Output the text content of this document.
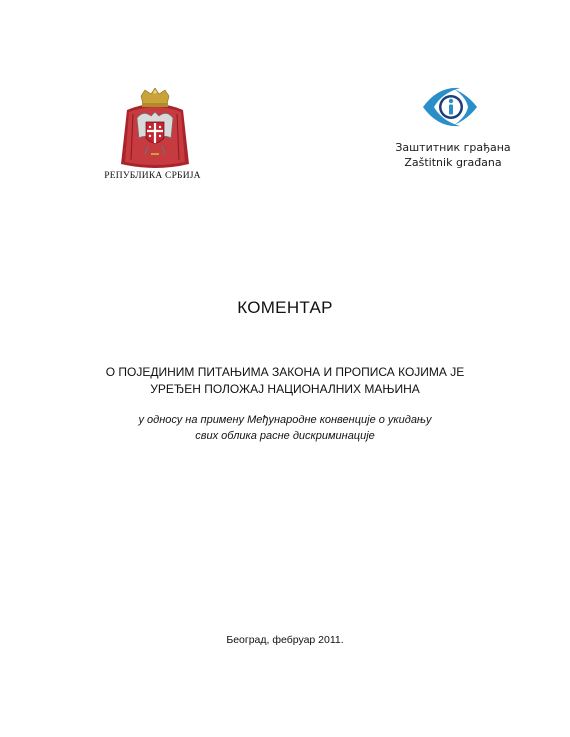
РЕПУБЛИКА СРБИЈА
Заштитник грађана
Zaštitnik građana
КОМЕНТАР
О ПОЈЕДИНИМ ПИТАЊИМА ЗАКОНА И ПРОПИСА КОЈИМА ЈЕ
УРЕЂЕН ПОЛОЖАЈ НАЦИОНАЛНИХ МАЊИНА
у односу на примену Међународне конвенције о укидању
свих облика расне дискриминације
Београд, фебруар 2011.
